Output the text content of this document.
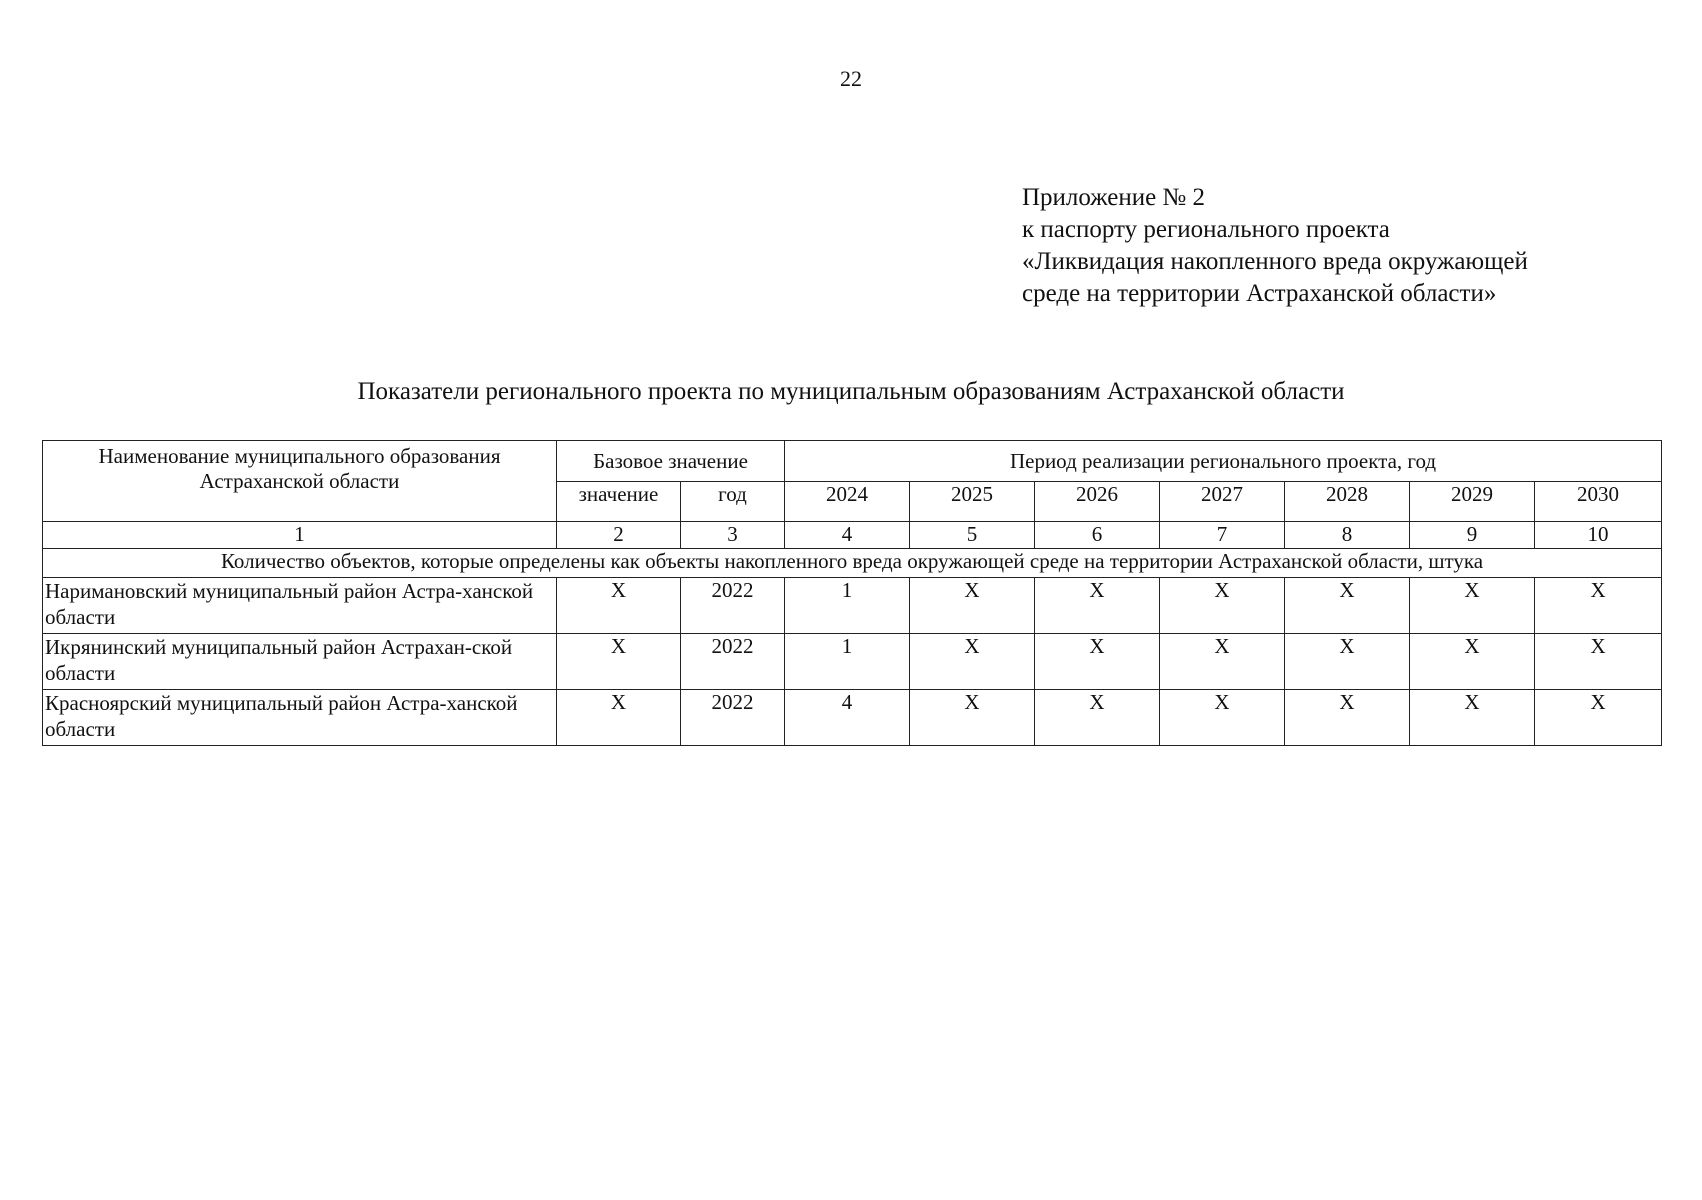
22
Приложение № 2
к паспорту регионального проекта
«Ликвидация накопленного вреда окружающей
среде на территории Астраханской области»
Показатели регионального проекта по муниципальным образованиям Астраханской области
Наименование муниципального образования Астраханской области	Базовое значение		Период реализации регионального проекта, год						
	значение	год	2024	2025	2026	2027	2028	2029	2030
1	2	3	4	5	6	7	8	9	10
Количество объектов, которые определены как объекты накопленного вреда окружающей среде на территории Астраханской области, штука									
Наримановский муниципальный район Астра-ханской области	X	2022	1	X	X	X	X	X	X
Икрянинский муниципальный район Астрахан-ской области	X	2022	1	X	X	X	X	X	X
Красноярский муниципальный район Астра-ханской области	X	2022	4	X	X	X	X	X	X
